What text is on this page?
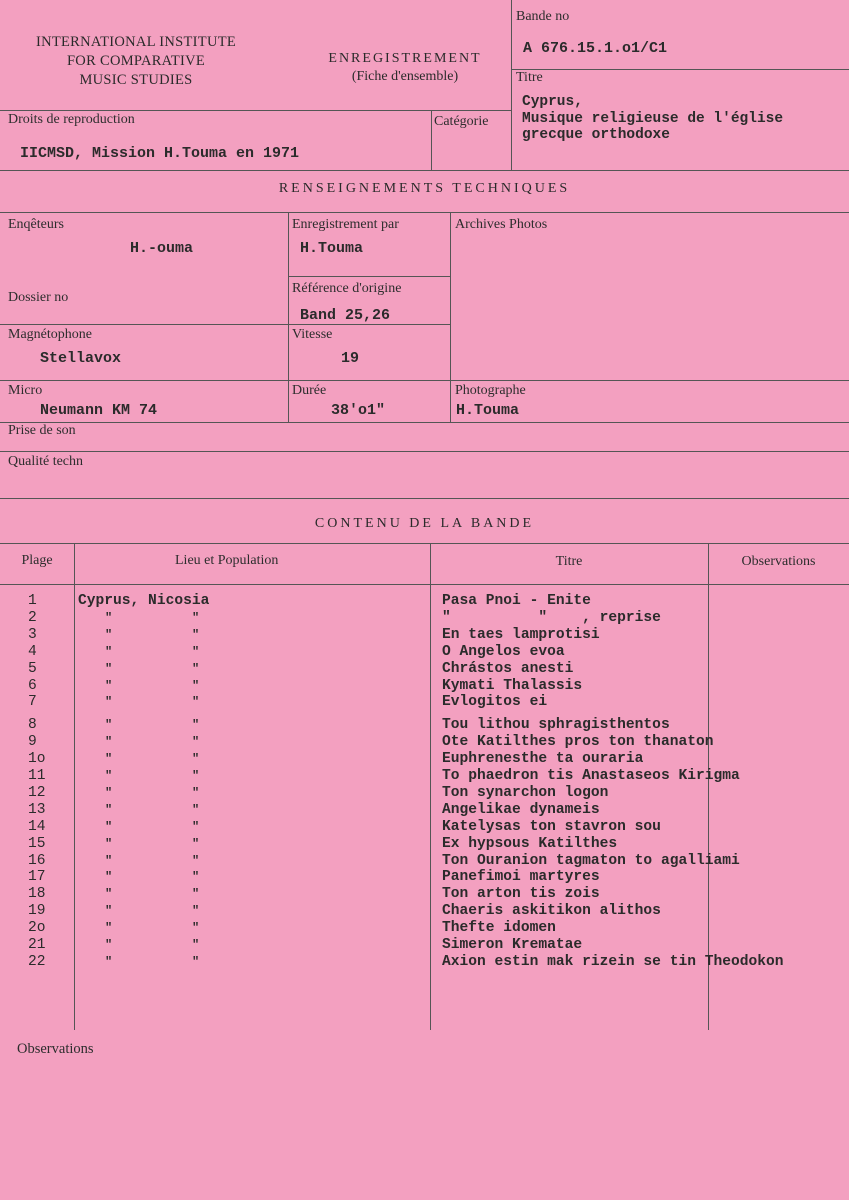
INTERNATIONAL INSTITUTE
FOR COMPARATIVE
MUSIC STUDIES
ENREGISTREMENT
(Fiche d'ensemble)
Bande no
A 676.15.1.o1/C1
Titre
Cyprus,
Musique religieuse de l'église
grecque orthodoxe
Droits de reproduction
IICMSD, Mission H.Touma en 1971
Catégorie
RENSEIGNEMENTS TECHNIQUES
Enqêteurs
H.-ouma
Enregistrement par
H.Touma
Archives Photos
Dossier no
Référence d'origine
Band 25,26
Magnétophone
Stellavox
Vitesse
19
Micro
Neumann KM 74
Durée
38'o1"
Photographe
H.Touma
Prise de son
Qualité techn
CONTENU DE LA BANDE
Plage	Lieu et Population	Titre	Observations
1	Cyprus, Nicosia	Pasa Pnoi - Enite
2	"	"	"          "    , reprise
3	"	"	En taes lamprotisi
4	"	"	O Angelos evoa
5	"	"	Chrástos anesti
6	"	"	Kymati Thalassis
7	"	"	Evlogitos ei
8	"	"	Tou lithou sphragisthentos
9	"	"	Ote Katilthes pros ton thanaton
1o	"	"	Euphrenesthe ta ouraria
11	"	"	To phaedron tis Anastaseos Kirigma
12	"	"	Ton synarchon logon
13	"	"	Angelikae dynameis
14	"	"	Katelysas ton stavron sou
15	"	"	Ex hypsous Katilthes
16	"	"	Ton Ouranion tagmaton to agalliami
17	"	"	Panefimoi martyres
18	"	"	Ton arton tis zois
19	"	"	Chaeris askitikon alithos
2o	"	"	Thefte idomen
21	"	"	Simeron Krematae
22	"	"	Axion estin mak rizein se tin Theodokon
Observations
